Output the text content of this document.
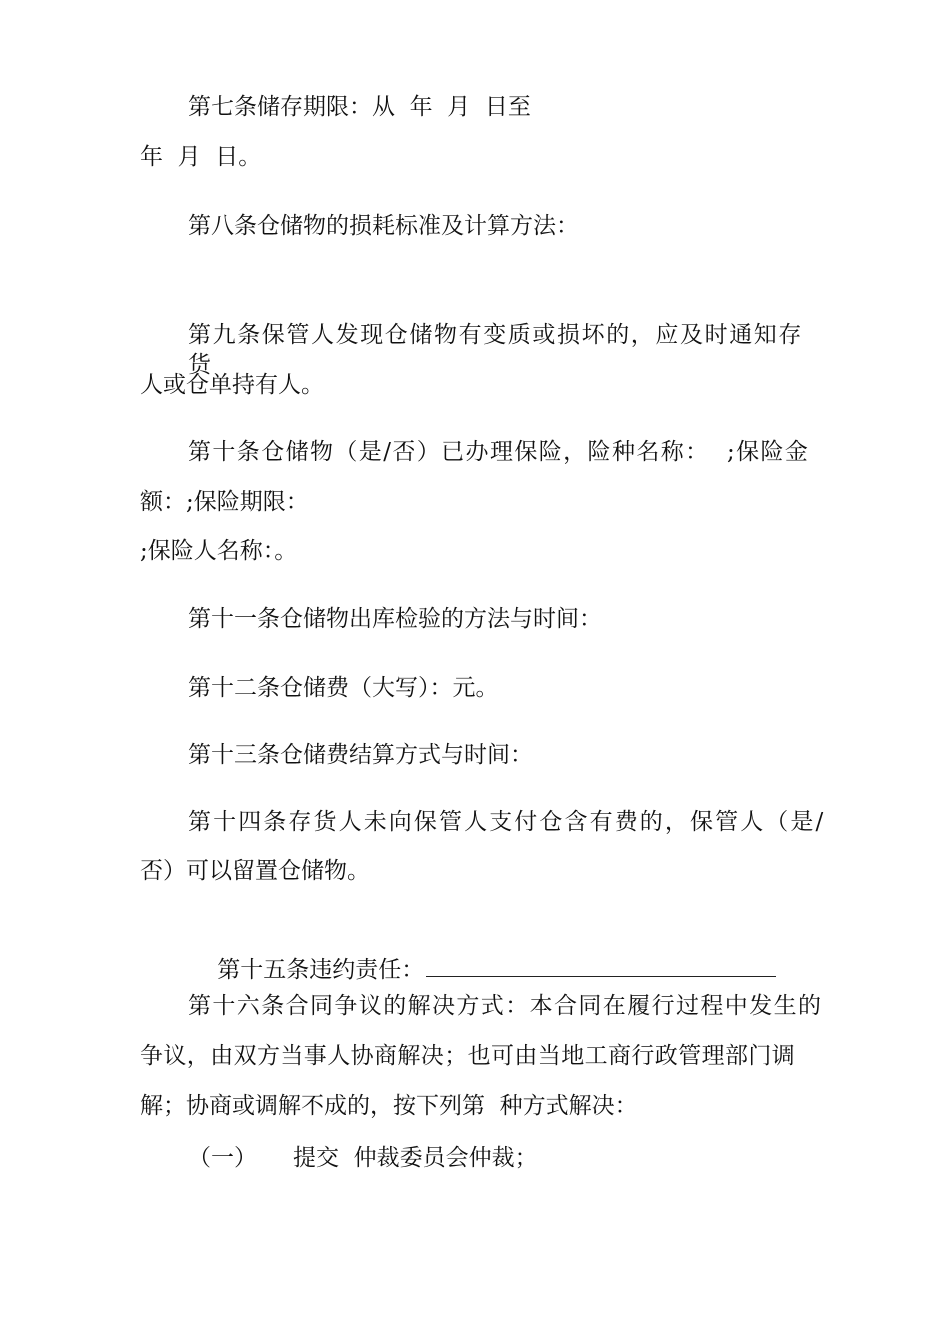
第七条储存期限：从  年  月  日至
年  月  日。
第八条仓储物的损耗标准及计算方法：
第九条保管人发现仓储物有变质或损坏的，应及时通知存货
人或仓单持有人。
第十条仓储物（是/否）已办理保险，险种名称：  ;保险金
额：;保险期限：
;保险人名称：。
第十一条仓储物出库检验的方法与时间：
第十二条仓储费（大写）：元。
第十三条仓储费结算方式与时间：
第十四条存货人未向保管人支付仓含有费的，保管人（是/
否）可以留置仓储物。

第十五条违约责任：

第十六条合同争议的解决方式：本合同在履行过程中发生的
争议，由双方当事人协商解决；也可由当地工商行政管理部门调
解；协商或调解不成的，按下列第  种方式解决：
（一） 提交  仲裁委员会仲裁；
